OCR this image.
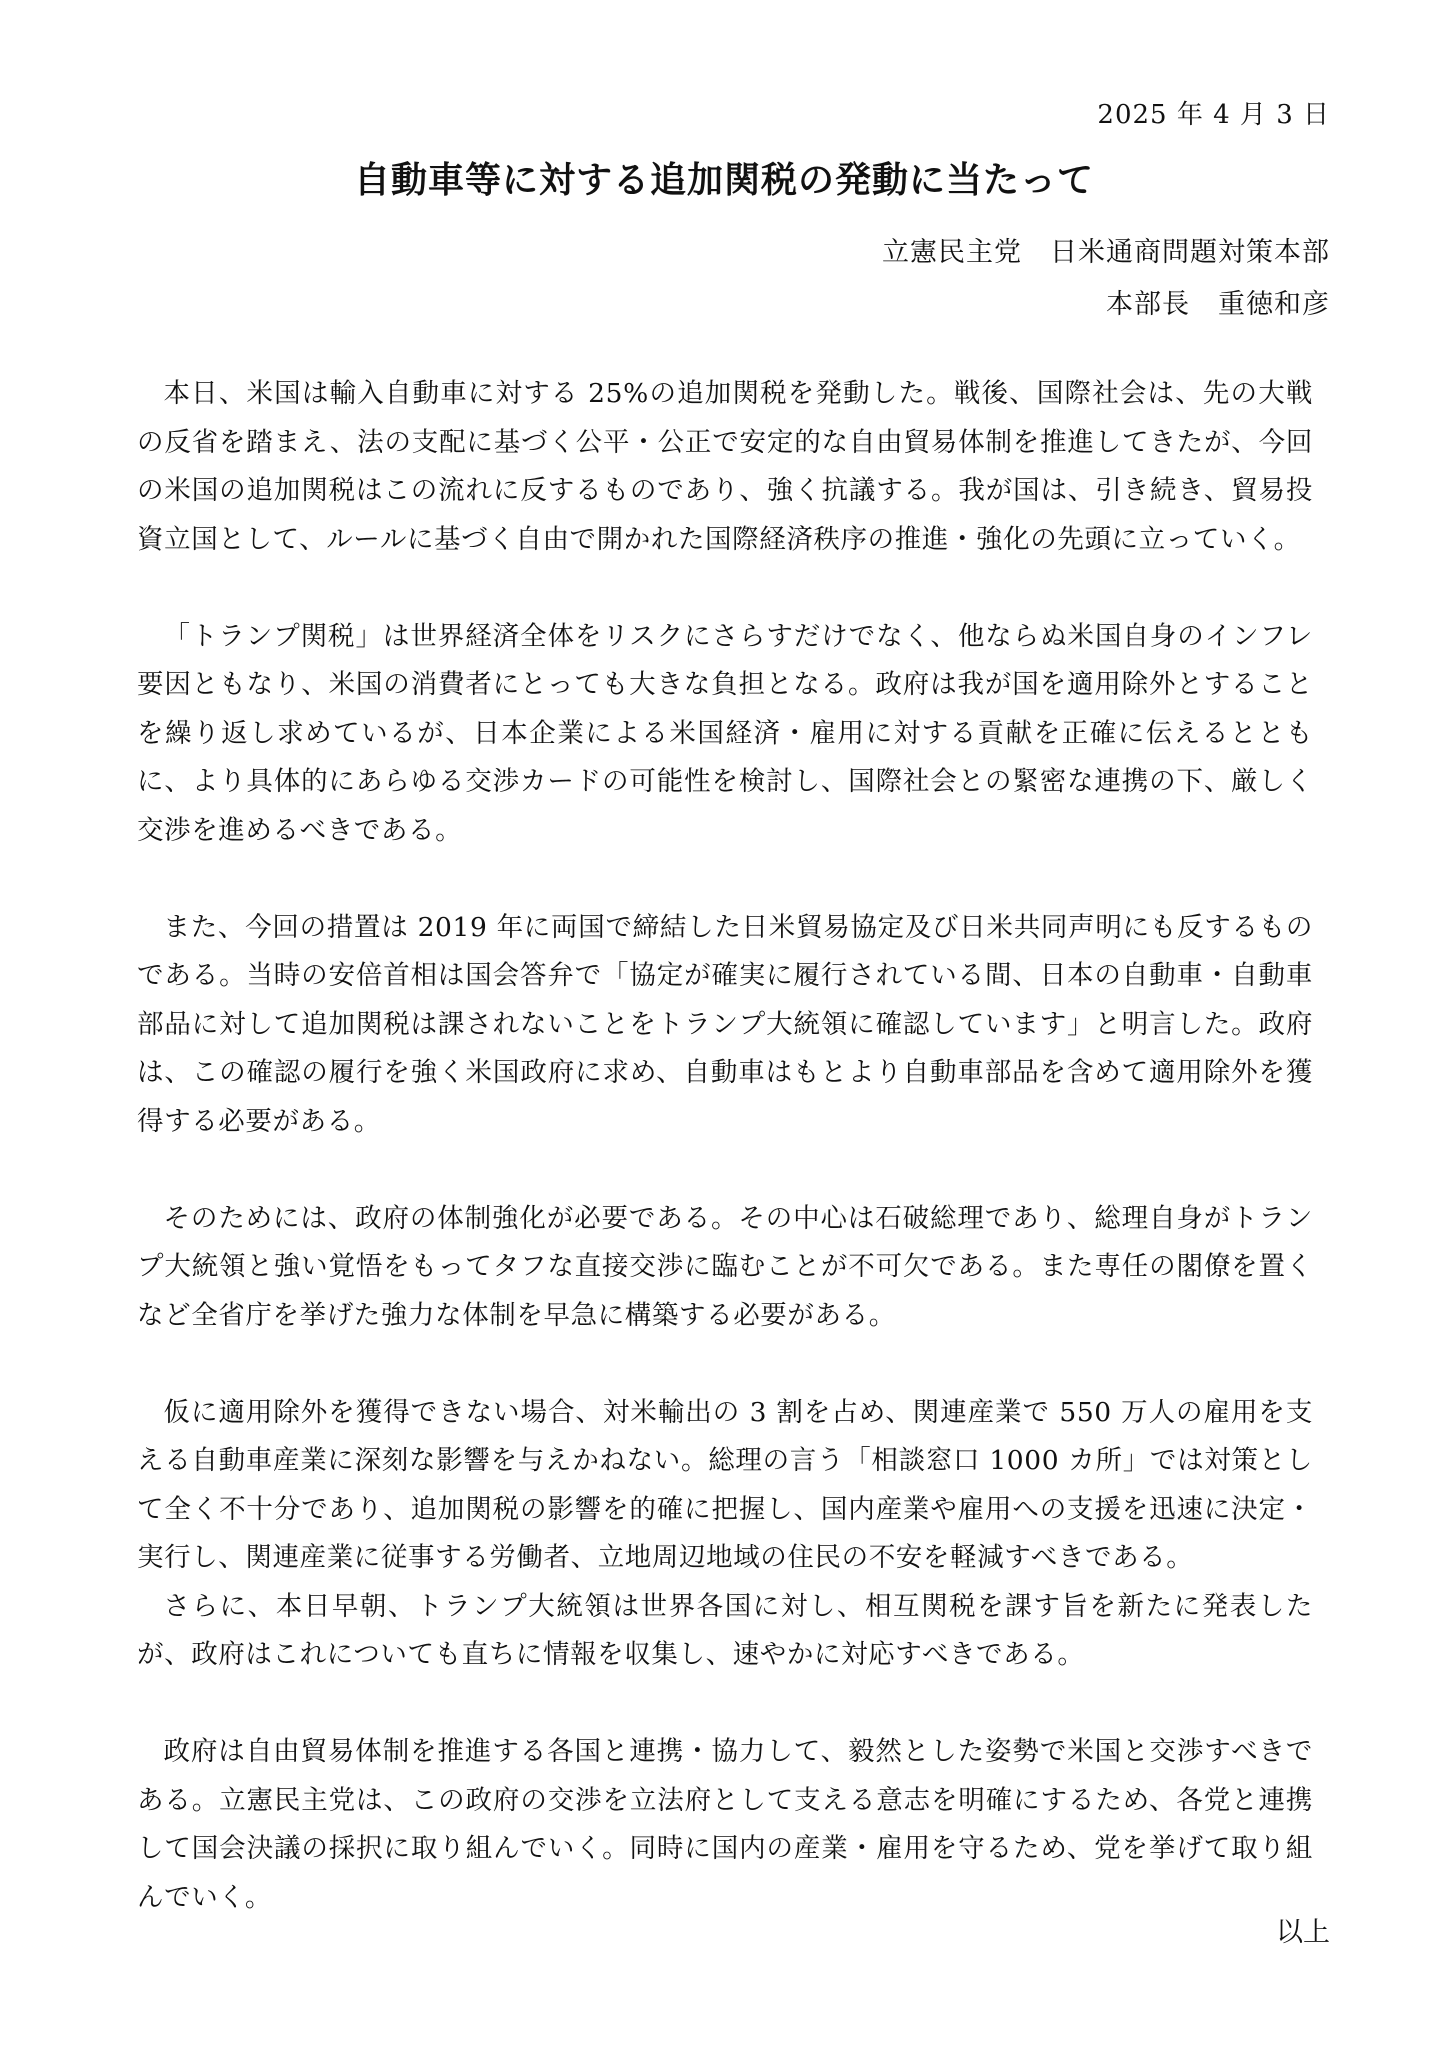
2025 年 4 月 3 日
自動車等に対する追加関税の発動に当たって
立憲民主党　日米通商問題対策本部
本部長　重徳和彦

本日、米国は輸入自動車に対する 25%の追加関税を発動した。戦後、国際社会は、先の大戦の反省を踏まえ、法の支配に基づく公平・公正で安定的な自由貿易体制を推進してきたが、今回の米国の追加関税はこの流れに反するものであり、強く抗議する。我が国は、引き続き、貿易投資立国として、ルールに基づく自由で開かれた国際経済秩序の推進・強化の先頭に立っていく。

「トランプ関税」は世界経済全体をリスクにさらすだけでなく、他ならぬ米国自身のインフレ要因ともなり、米国の消費者にとっても大きな負担となる。政府は我が国を適用除外とすることを繰り返し求めているが、日本企業による米国経済・雇用に対する貢献を正確に伝えるとともに、より具体的にあらゆる交渉カードの可能性を検討し、国際社会との緊密な連携の下、厳しく交渉を進めるべきである。

また、今回の措置は 2019 年に両国で締結した日米貿易協定及び日米共同声明にも反するものである。当時の安倍首相は国会答弁で「協定が確実に履行されている間、日本の自動車・自動車部品に対して追加関税は課されないことをトランプ大統領に確認しています」と明言した。政府は、この確認の履行を強く米国政府に求め、自動車はもとより自動車部品を含めて適用除外を獲得する必要がある。

そのためには、政府の体制強化が必要である。その中心は石破総理であり、総理自身がトランプ大統領と強い覚悟をもってタフな直接交渉に臨むことが不可欠である。また専任の閣僚を置くなど全省庁を挙げた強力な体制を早急に構築する必要がある。

仮に適用除外を獲得できない場合、対米輸出の 3 割を占め、関連産業で 550 万人の雇用を支える自動車産業に深刻な影響を与えかねない。総理の言う「相談窓口 1000 カ所」では対策として全く不十分であり、追加関税の影響を的確に把握し、国内産業や雇用への支援を迅速に決定・実行し、関連産業に従事する労働者、立地周辺地域の住民の不安を軽減すべきである。

さらに、本日早朝、トランプ大統領は世界各国に対し、相互関税を課す旨を新たに発表したが、政府はこれについても直ちに情報を収集し、速やかに対応すべきである。

政府は自由貿易体制を推進する各国と連携・協力して、毅然とした姿勢で米国と交渉すべきである。立憲民主党は、この政府の交渉を立法府として支える意志を明確にするため、各党と連携して国会決議の採択に取り組んでいく。同時に国内の産業・雇用を守るため、党を挙げて取り組んでいく。

以上
